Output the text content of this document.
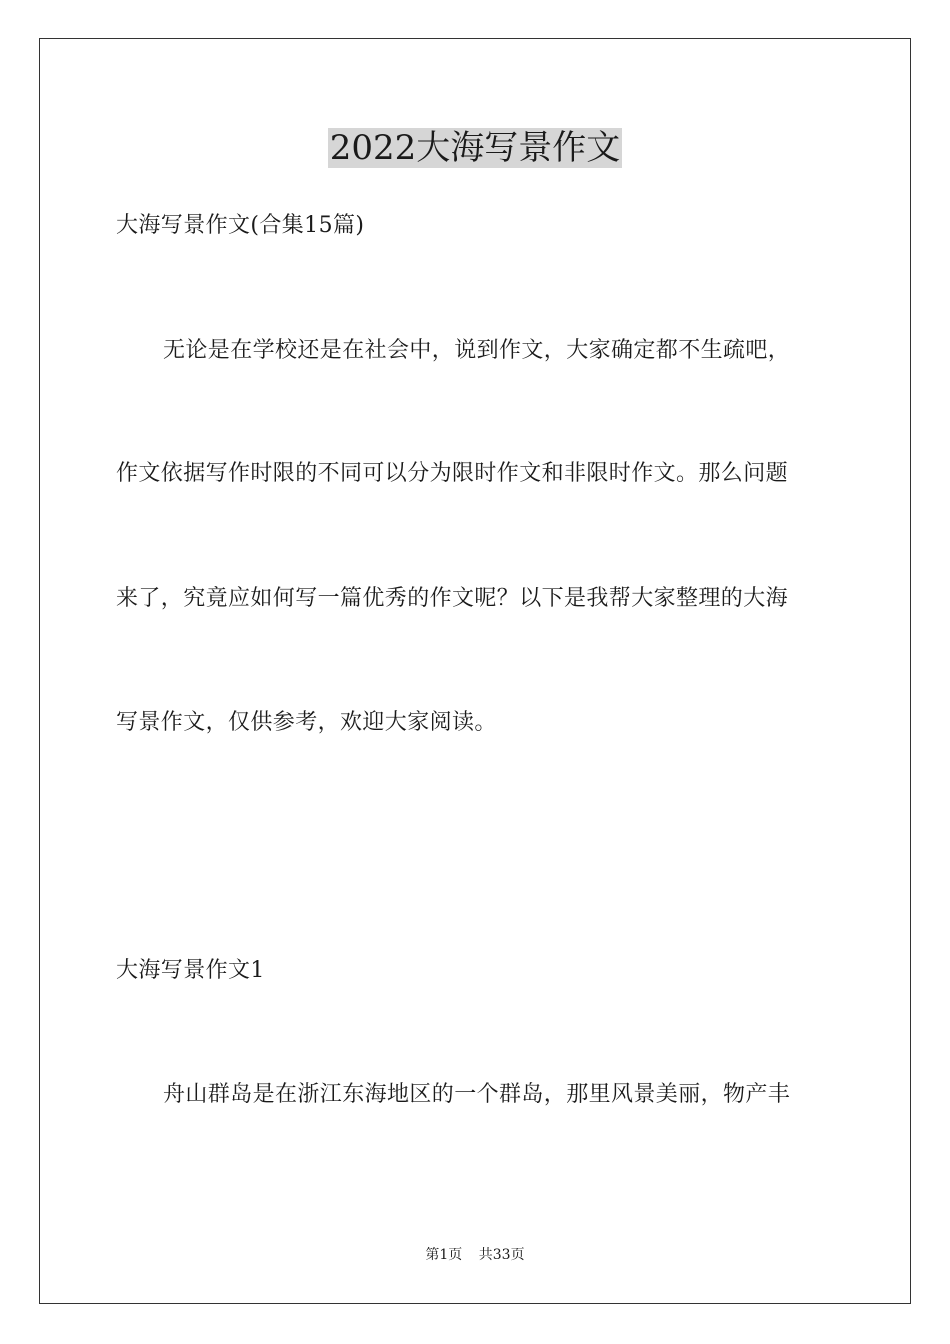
2022大海写景作文

大海写景作文(合集15篇)

无论是在学校还是在社会中，说到作文，大家确定都不生疏吧，

作文依据写作时限的不同可以分为限时作文和非限时作文。那么问题

来了，究竟应如何写一篇优秀的作文呢？以下是我帮大家整理的大海

写景作文，仅供参考，欢迎大家阅读。

大海写景作文1

舟山群岛是在浙江东海地区的一个群岛，那里风景美丽，物产丰

第1页 共33页
